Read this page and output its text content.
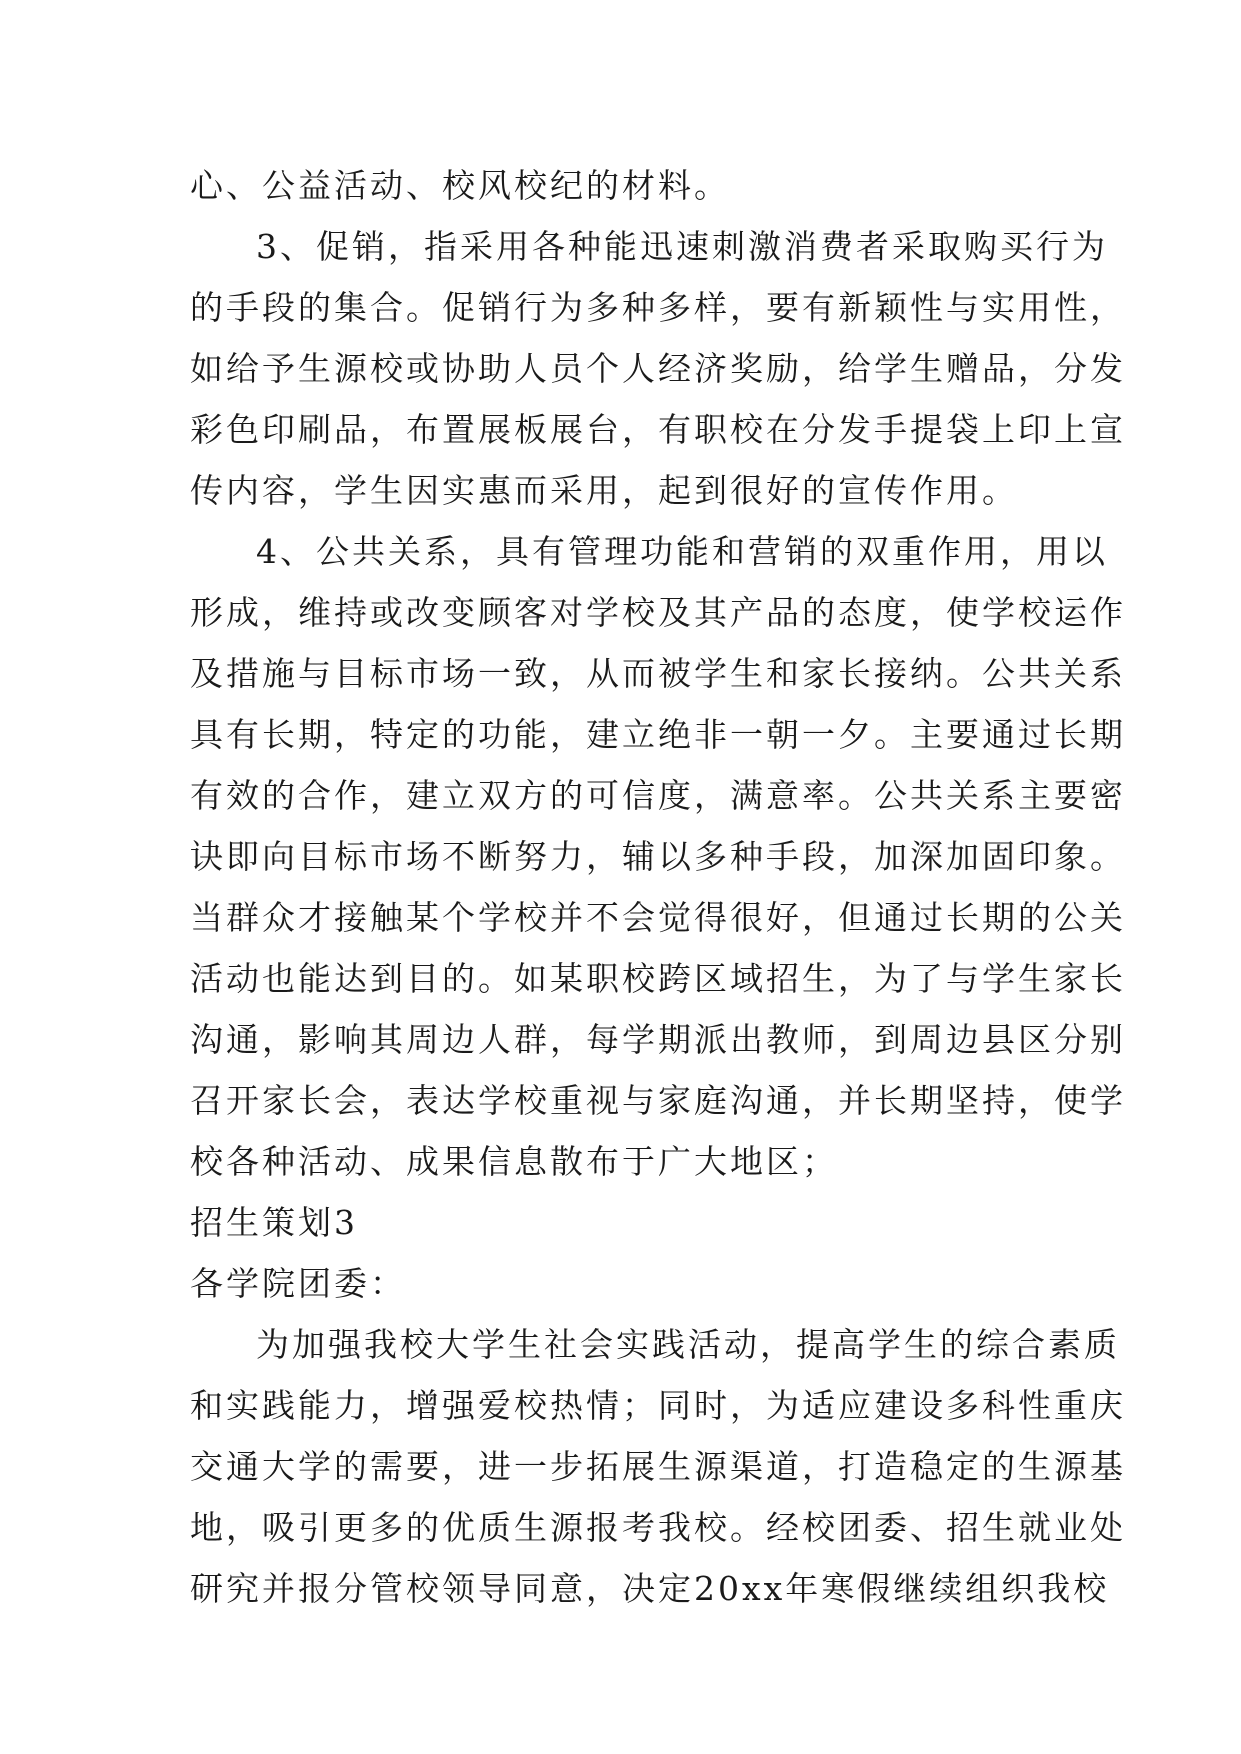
心、公益活动、校风校纪的材料。
3、促销，指采用各种能迅速刺激消费者采取购买行为
的手段的集合。促销行为多种多样，要有新颖性与实用性，
如给予生源校或协助人员个人经济奖励，给学生赠品，分发
彩色印刷品，布置展板展台，有职校在分发手提袋上印上宣
传内容，学生因实惠而采用，起到很好的宣传作用。
4、公共关系，具有管理功能和营销的双重作用，用以
形成，维持或改变顾客对学校及其产品的态度，使学校运作
及措施与目标市场一致，从而被学生和家长接纳。公共关系
具有长期，特定的功能，建立绝非一朝一夕。主要通过长期
有效的合作，建立双方的可信度，满意率。公共关系主要密
诀即向目标市场不断努力，辅以多种手段，加深加固印象。
当群众才接触某个学校并不会觉得很好，但通过长期的公关
活动也能达到目的。如某职校跨区域招生，为了与学生家长
沟通，影响其周边人群，每学期派出教师，到周边县区分别
召开家长会，表达学校重视与家庭沟通，并长期坚持，使学
校各种活动、成果信息散布于广大地区；
招生策划3
各学院团委：
为加强我校大学生社会实践活动，提高学生的综合素质
和实践能力，增强爱校热情；同时，为适应建设多科性重庆
交通大学的需要，进一步拓展生源渠道，打造稳定的生源基
地，吸引更多的优质生源报考我校。经校团委、招生就业处
研究并报分管校领导同意，决定20xx年寒假继续组织我校
